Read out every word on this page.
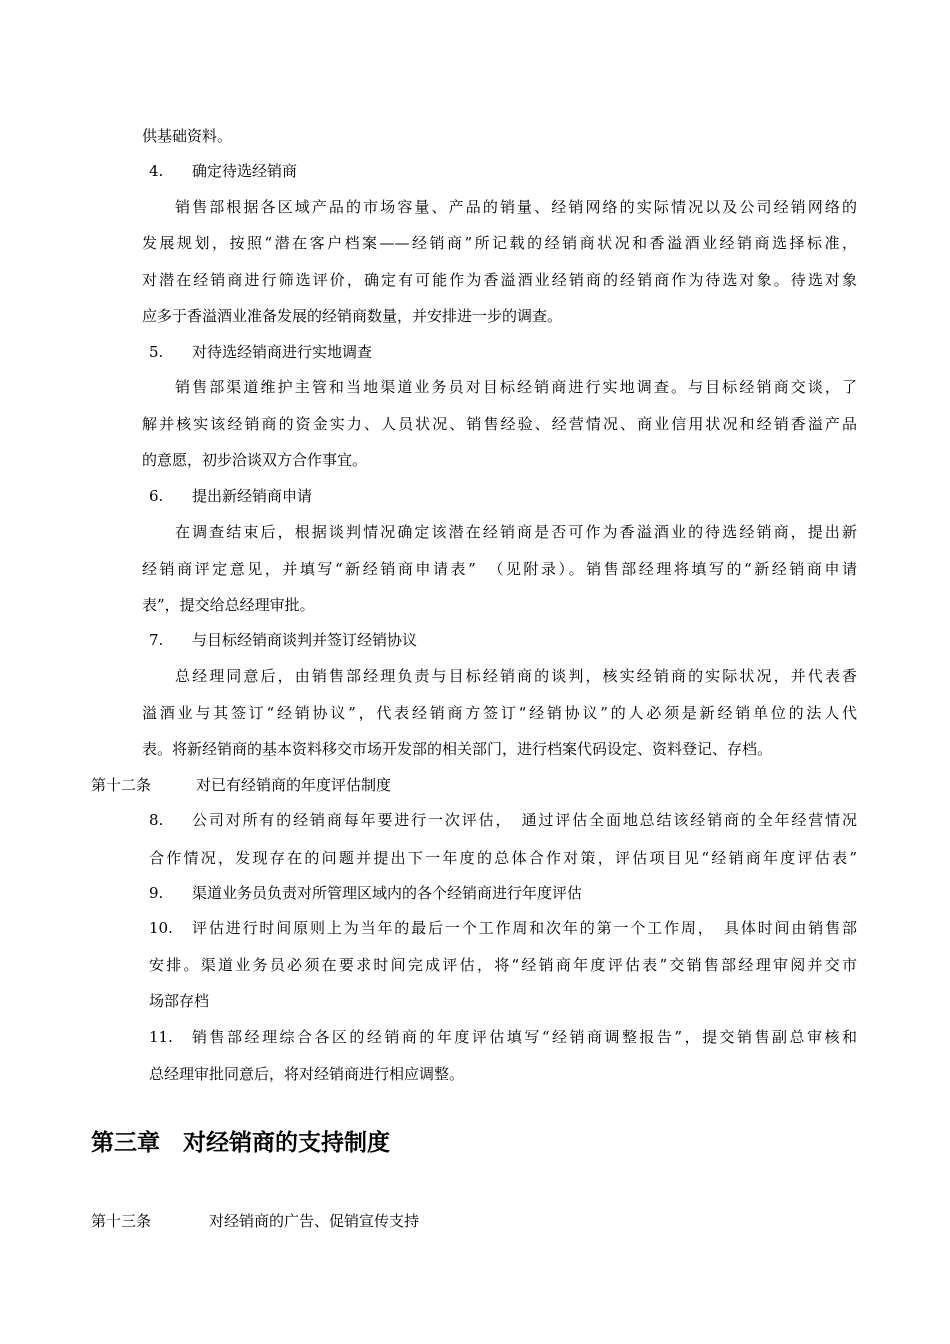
供基础资料。
4. 确定待选经销商
销售部根据各区域产品的市场容量、产品的销量、经销网络的实际情况以及公司经销网络的
发展规划，按照“潜在客户档案——经销商”所记载的经销商状况和香溢酒业经销商选择标准，
对潜在经销商进行筛选评价，确定有可能作为香溢酒业经销商的经销商作为待选对象。待选对象
应多于香溢酒业准备发展的经销商数量，并安排进一步的调查。
5. 对待选经销商进行实地调查
销售部渠道维护主管和当地渠道业务员对目标经销商进行实地调查。与目标经销商交谈，了
解并核实该经销商的资金实力、人员状况、销售经验、经营情况、商业信用状况和经销香溢产品
的意愿，初步洽谈双方合作事宜。
6. 提出新经销商申请
在调查结束后，根据谈判情况确定该潜在经销商是否可作为香溢酒业的待选经销商，提出新
经销商评定意见，并填写“新经销商申请表”　（见附录）。销售部经理将填写的“新经销商申请
表”，提交给总经理审批。
7. 与目标经销商谈判并签订经销协议
总经理同意后，由销售部经理负责与目标经销商的谈判，核实经销商的实际状况，并代表香
溢酒业与其签订“经销协议”，代表经销商方签订“经销协议”的人必须是新经销单位的法人代
表。将新经销商的基本资料移交市场开发部的相关部门，进行档案代码设定、资料登记、存档。
第十二条	对已有经销商的年度评估制度
8. 公司对所有的经销商每年要进行一次评估，　通过评估全面地总结该经销商的全年经营情况
合作情况，发现存在的问题并提出下一年度的总体合作对策，评估项目见“经销商年度评估表”
9. 渠道业务员负责对所管理区域内的各个经销商进行年度评估
10. 评估进行时间原则上为当年的最后一个工作周和次年的第一个工作周，　具体时间由销售部
安排。渠道业务员必须在要求时间完成评估，将“经销商年度评估表”交销售部经理审阅并交市
场部存档
11. 销售部经理综合各区的经销商的年度评估填写“经销商调整报告”，提交销售副总审核和
总经理审批同意后，将对经销商进行相应调整。
第三章　对经销商的支持制度
第十三条	对经销商的广告、促销宣传支持
